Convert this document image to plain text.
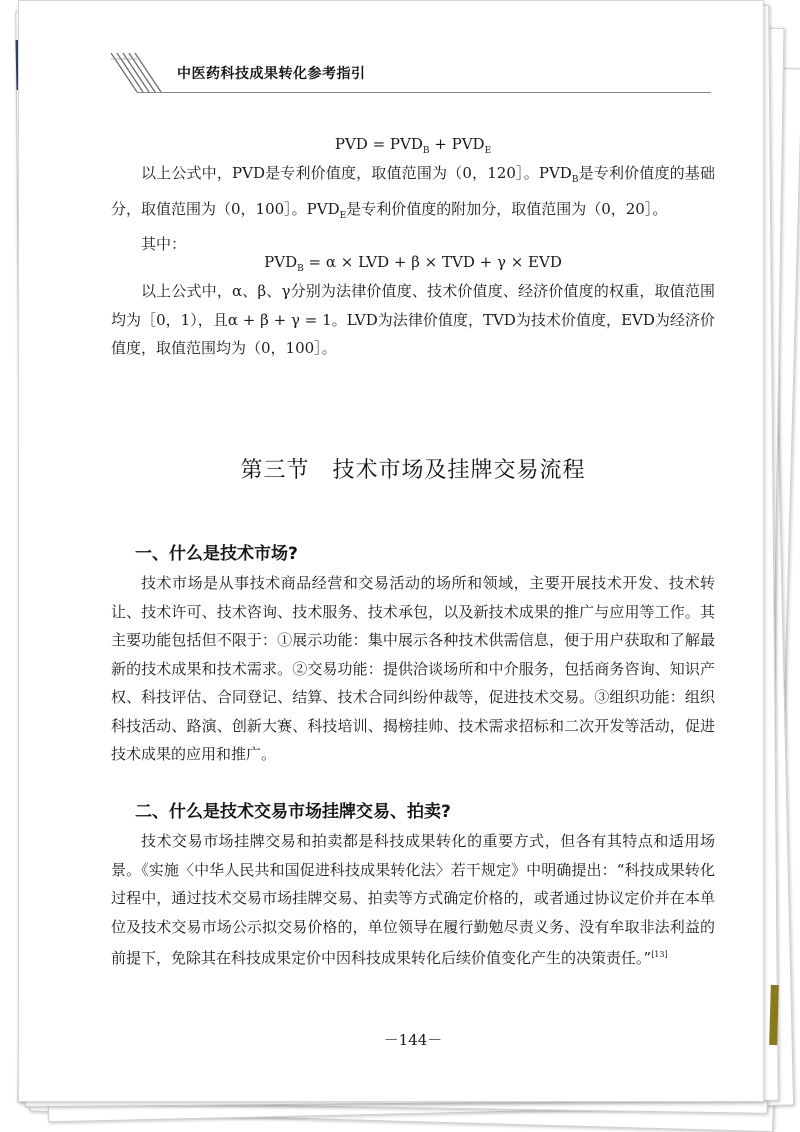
中医药科技成果转化参考指引

PVD = $PVD_B + PVD_E$

以上公式中，PVD是专利价值度，取值范围为（0，120］。$PVD_B$是专利价值度的基础分，取值范围为（0，100］。$PVD_E$是专利价值度的附加分，取值范围为（0，20］。

其中：

$PVD_B = \alpha$ × LVD + β × TVD + γ × EVD

以上公式中，α、β、γ分别为法律价值度、技术价值度、经济价值度的权重，取值范围均为［0，1），且α + β + γ = 1。LVD为法律价值度，TVD为技术价值度，EVD为经济价值度，取值范围均为（0，100］。

第三节　技术市场及挂牌交易流程
一、什么是技术市场?

技术市场是从事技术商品经营和交易活动的场所和领域，主要开展技术开发、技术转让、技术许可、技术咨询、技术服务、技术承包，以及新技术成果的推广与应用等工作。其主要功能包括但不限于：①展示功能：集中展示各种技术供需信息，便于用户获取和了解最新的技术成果和技术需求。②交易功能：提供洽谈场所和中介服务，包括商务咨询、知识产权、科技评估、合同登记、结算、技术合同纠纷仲裁等，促进技术交易。③组织功能：组织科技活动、路演、创新大赛、科技培训、揭榜挂帅、技术需求招标和二次开发等活动，促进技术成果的应用和推广。

二、什么是技术交易市场挂牌交易、拍卖?

技术交易市场挂牌交易和拍卖都是科技成果转化的重要方式，但各有其特点和适用场景。《实施〈中华人民共和国促进科技成果转化法〉若干规定》中明确提出：“科技成果转化过程中，通过技术交易市场挂牌交易、拍卖等方式确定价格的，或者通过协议定价并在本单位及技术交易市场公示拟交易价格的，单位领导在履行勤勉尽责义务、没有牟取非法利益的前提下，免除其在科技成果定价中因科技成果转化后续价值变化产生的决策责任。”[13]

－144－
